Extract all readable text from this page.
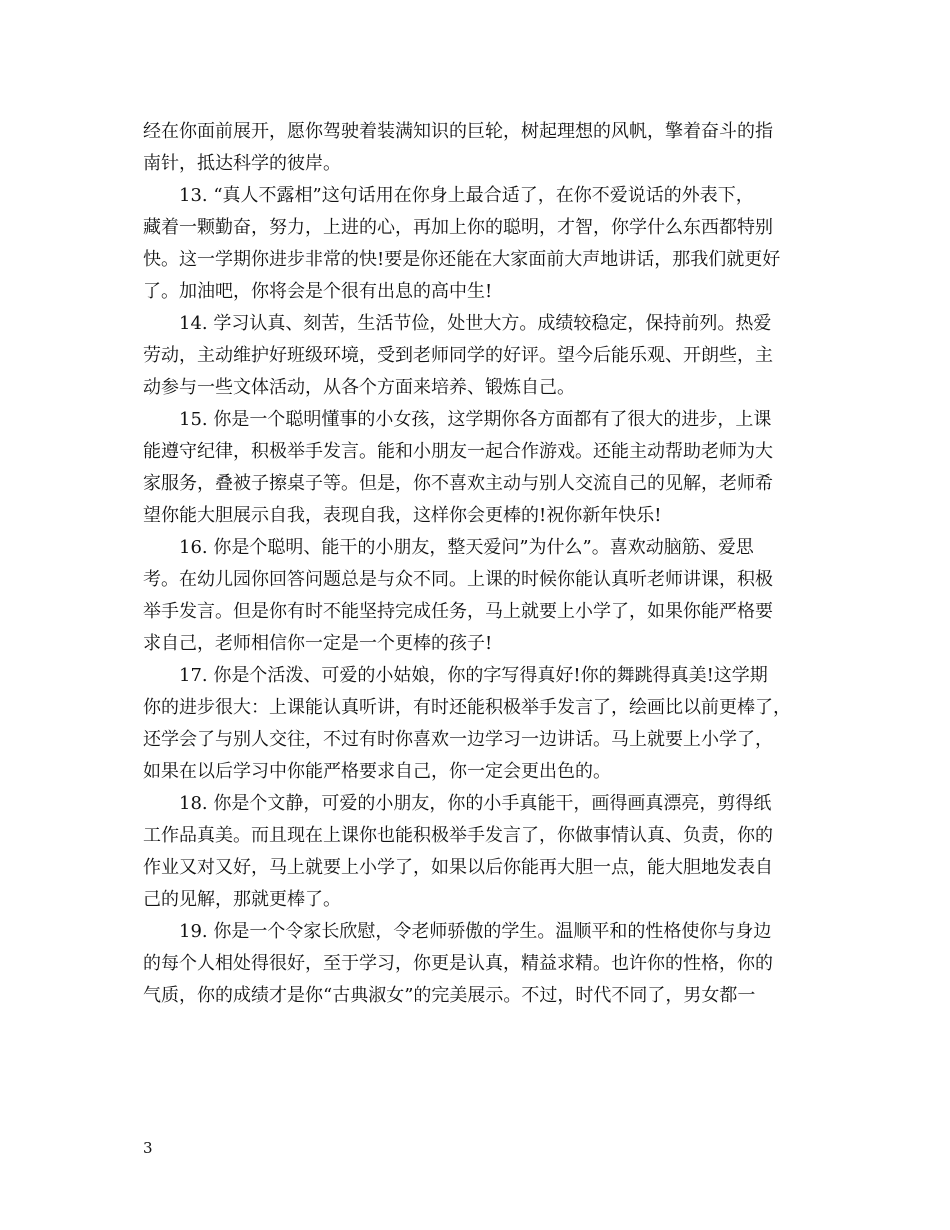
经在你面前展开，愿你驾驶着装满知识的巨轮，树起理想的风帆，擎着奋斗的指
南针，抵达科学的彼岸。
13. “真人不露相”这句话用在你身上最合适了，在你不爱说话的外表下，
藏着一颗勤奋，努力，上进的心，再加上你的聪明，才智，你学什么东西都特别
快。这一学期你进步非常的快!要是你还能在大家面前大声地讲话，那我们就更好
了。加油吧，你将会是个很有出息的高中生!
14. 学习认真、刻苦，生活节俭，处世大方。成绩较稳定，保持前列。热爱
劳动，主动维护好班级环境，受到老师同学的好评。望今后能乐观、开朗些，主
动参与一些文体活动，从各个方面来培养、锻炼自己。
15. 你是一个聪明懂事的小女孩，这学期你各方面都有了很大的进步，上课
能遵守纪律，积极举手发言。能和小朋友一起合作游戏。还能主动帮助老师为大
家服务，叠被子擦桌子等。但是，你不喜欢主动与别人交流自己的见解，老师希
望你能大胆展示自我，表现自我，这样你会更棒的!祝你新年快乐!
16. 你是个聪明、能干的小朋友，整天爱问”为什么”。喜欢动脑筋、爱思
考。在幼儿园你回答问题总是与众不同。上课的时候你能认真听老师讲课，积极
举手发言。但是你有时不能坚持完成任务，马上就要上小学了，如果你能严格要
求自己，老师相信你一定是一个更棒的孩子!
17. 你是个活泼、可爱的小姑娘，你的字写得真好!你的舞跳得真美!这学期
你的进步很大：上课能认真听讲，有时还能积极举手发言了，绘画比以前更棒了，
还学会了与别人交往，不过有时你喜欢一边学习一边讲话。马上就要上小学了，
如果在以后学习中你能严格要求自己，你一定会更出色的。
18. 你是个文静，可爱的小朋友，你的小手真能干，画得画真漂亮，剪得纸
工作品真美。而且现在上课你也能积极举手发言了，你做事情认真、负责，你的
作业又对又好，马上就要上小学了，如果以后你能再大胆一点，能大胆地发表自
己的见解，那就更棒了。
19. 你是一个令家长欣慰，令老师骄傲的学生。温顺平和的性格使你与身边
的每个人相处得很好，至于学习，你更是认真，精益求精。也许你的性格，你的
气质，你的成绩才是你“古典淑女”的完美展示。不过，时代不同了，男女都一
3
